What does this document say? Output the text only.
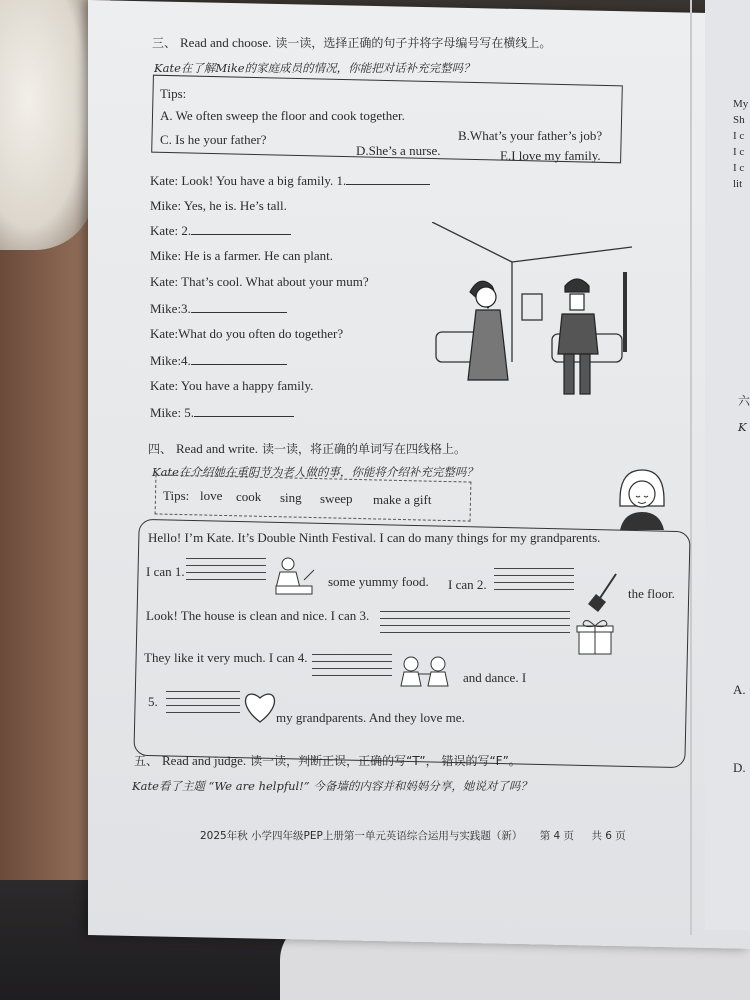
My
Sh
I c
I c
I c
lit
六
K
A.
D.
三、 Read and choose. 读一读，选择正确的句子并将字母编号写在横线上。
Kate在了解Mike的家庭成员的情况，你能把对话补充完整吗？
Tips:
A. We often sweep the floor and cook together.
B.What’s your father’s job?
C. Is he your father?
D.She’s a nurse.	E.I love my family.
Kate: Look! You have a big family. 1.
Mike: Yes, he is. He’s tall.
Kate: 2.
Mike: He is a farmer. He can plant.
Kate: That’s cool. What about your mum?
Mike:3.
Kate:What do you often do together?
Mike:4.
Kate: You have a happy family.
Mike: 5.
四、 Read and write. 读一读，将正确的单词写在四线格上。
Kate在介绍她在重阳节为老人做的事，你能将介绍补充完整吗？
Tips: love cook sing sweep make a gift
Hello! I’m Kate. It’s Double Ninth Festival. I can do many things for my grandparents.
I can 1.
some yummy food. I can 2.
the floor.
Look! The house is clean and nice. I can 3.
They like it very much. I can 4.
and dance. I
5.
my grandparents. And they love me.
五、 Read and judge. 读一读，判断正误，正确的写“T”， 错误的写“F”。
Kate看了主题 “We are helpful!” 今备墙的内容并和妈妈分享，她说对了吗？
2025年秋 小学四年级PEP上册第一单元英语综合运用与实践题（新） 第 4 页 共 6 页
